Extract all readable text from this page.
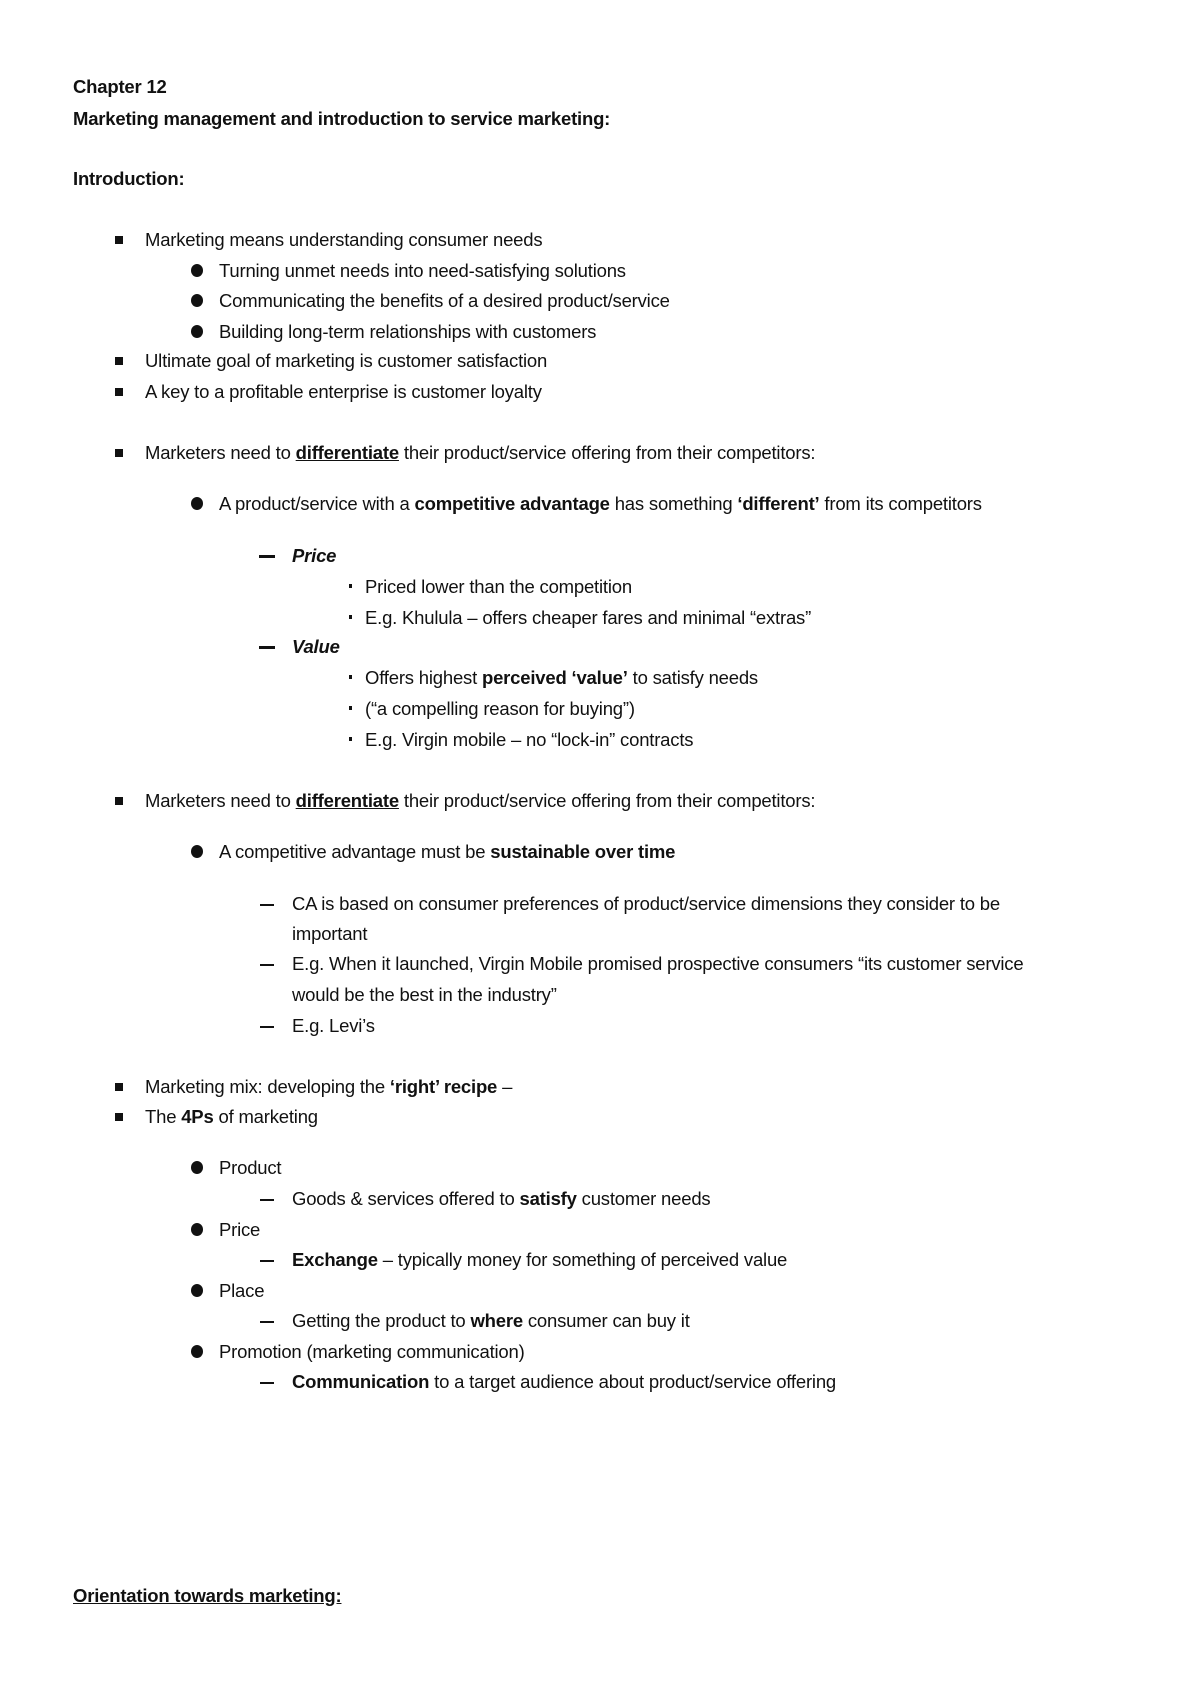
Chapter 12
Marketing management and introduction to service marketing:
Introduction:
Marketing means understanding consumer needs
Turning unmet needs into need-satisfying solutions
Communicating the benefits of a desired product/service
Building long-term relationships with customers
Ultimate goal of marketing is customer satisfaction
A key to a profitable enterprise is customer loyalty
Marketers need to differentiate their product/service offering from their competitors:
A product/service with a competitive advantage has something ‘different’ from its competitors
Price
Priced lower than the competition
E.g. Khulula – offers cheaper fares and minimal “extras”
Value
Offers highest perceived ‘value’ to satisfy needs
(“a compelling reason for buying”)
E.g. Virgin mobile – no “lock-in” contracts
Marketers need to differentiate their product/service offering from their competitors:
A competitive advantage must be sustainable over time
CA is based on consumer preferences of product/service dimensions they consider to be
important
E.g. When it launched, Virgin Mobile promised prospective consumers “its customer service
would be the best in the industry”
E.g. Levi’s
Marketing mix: developing the ‘right’ recipe –
The 4Ps of marketing
Product
Goods & services offered to satisfy customer needs
Price
Exchange – typically money for something of perceived value
Place
Getting the product to where consumer can buy it
Promotion (marketing communication)
Communication to a target audience about product/service offering
Orientation towards marketing:
